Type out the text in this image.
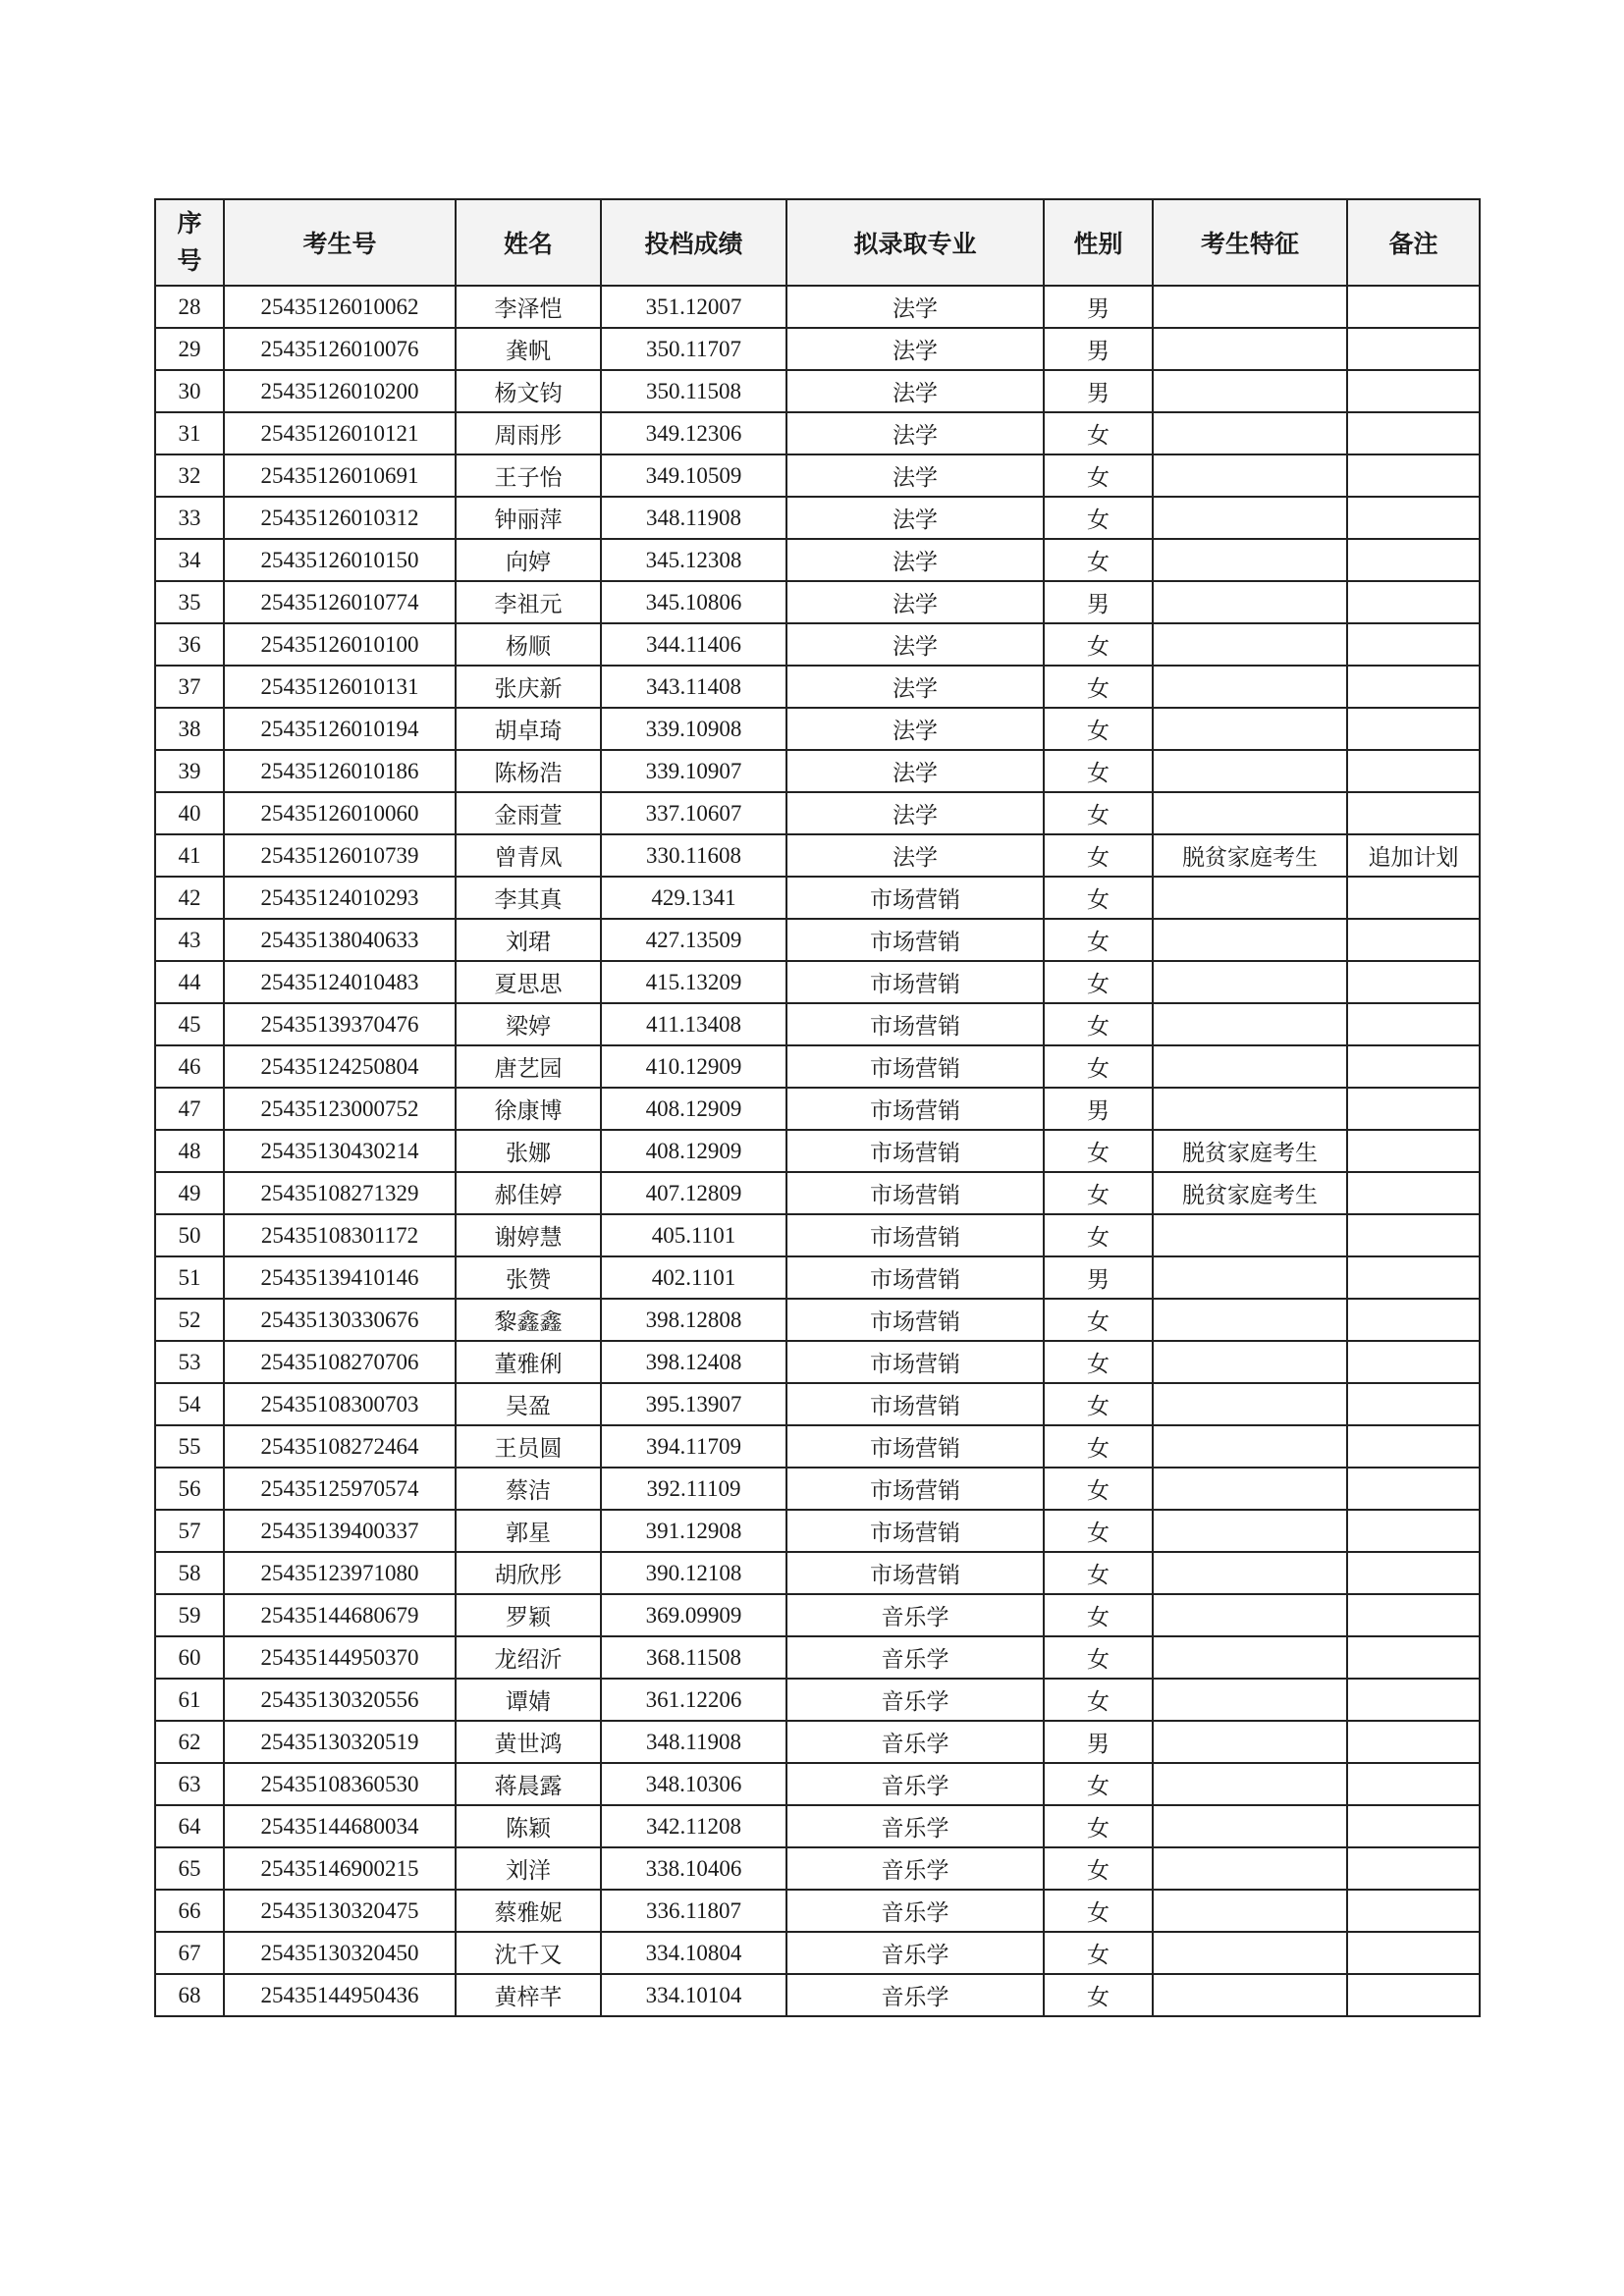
序
号	考生号	姓名	投档成绩	拟录取专业	性别	考生特征	备注
28	25435126010062	李泽恺	351.12007	法学	男		
29	25435126010076	龚帆	350.11707	法学	男		
30	25435126010200	杨文钧	350.11508	法学	男		
31	25435126010121	周雨彤	349.12306	法学	女		
32	25435126010691	王子怡	349.10509	法学	女		
33	25435126010312	钟丽萍	348.11908	法学	女		
34	25435126010150	向婷	345.12308	法学	女		
35	25435126010774	李祖元	345.10806	法学	男		
36	25435126010100	杨顺	344.11406	法学	女		
37	25435126010131	张庆新	343.11408	法学	女		
38	25435126010194	胡卓琦	339.10908	法学	女		
39	25435126010186	陈杨浩	339.10907	法学	女		
40	25435126010060	金雨萱	337.10607	法学	女		
41	25435126010739	曾青凤	330.11608	法学	女	脱贫家庭考生	追加计划
42	25435124010293	李其真	429.1341	市场营销	女		
43	25435138040633	刘珺	427.13509	市场营销	女		
44	25435124010483	夏思思	415.13209	市场营销	女		
45	25435139370476	梁婷	411.13408	市场营销	女		
46	25435124250804	唐艺园	410.12909	市场营销	女		
47	25435123000752	徐康博	408.12909	市场营销	男		
48	25435130430214	张娜	408.12909	市场营销	女	脱贫家庭考生	
49	25435108271329	郝佳婷	407.12809	市场营销	女	脱贫家庭考生	
50	25435108301172	谢婷慧	405.1101	市场营销	女		
51	25435139410146	张赞	402.1101	市场营销	男		
52	25435130330676	黎鑫鑫	398.12808	市场营销	女		
53	25435108270706	董雅俐	398.12408	市场营销	女		
54	25435108300703	吴盈	395.13907	市场营销	女		
55	25435108272464	王员圆	394.11709	市场营销	女		
56	25435125970574	蔡洁	392.11109	市场营销	女		
57	25435139400337	郭星	391.12908	市场营销	女		
58	25435123971080	胡欣彤	390.12108	市场营销	女		
59	25435144680679	罗颖	369.09909	音乐学	女		
60	25435144950370	龙绍沂	368.11508	音乐学	女		
61	25435130320556	谭婧	361.12206	音乐学	女		
62	25435130320519	黄世鸿	348.11908	音乐学	男		
63	25435108360530	蒋晨露	348.10306	音乐学	女		
64	25435144680034	陈颖	342.11208	音乐学	女		
65	25435146900215	刘洋	338.10406	音乐学	女		
66	25435130320475	蔡雅妮	336.11807	音乐学	女		
67	25435130320450	沈千又	334.10804	音乐学	女		
68	25435144950436	黄梓芊	334.10104	音乐学	女		
